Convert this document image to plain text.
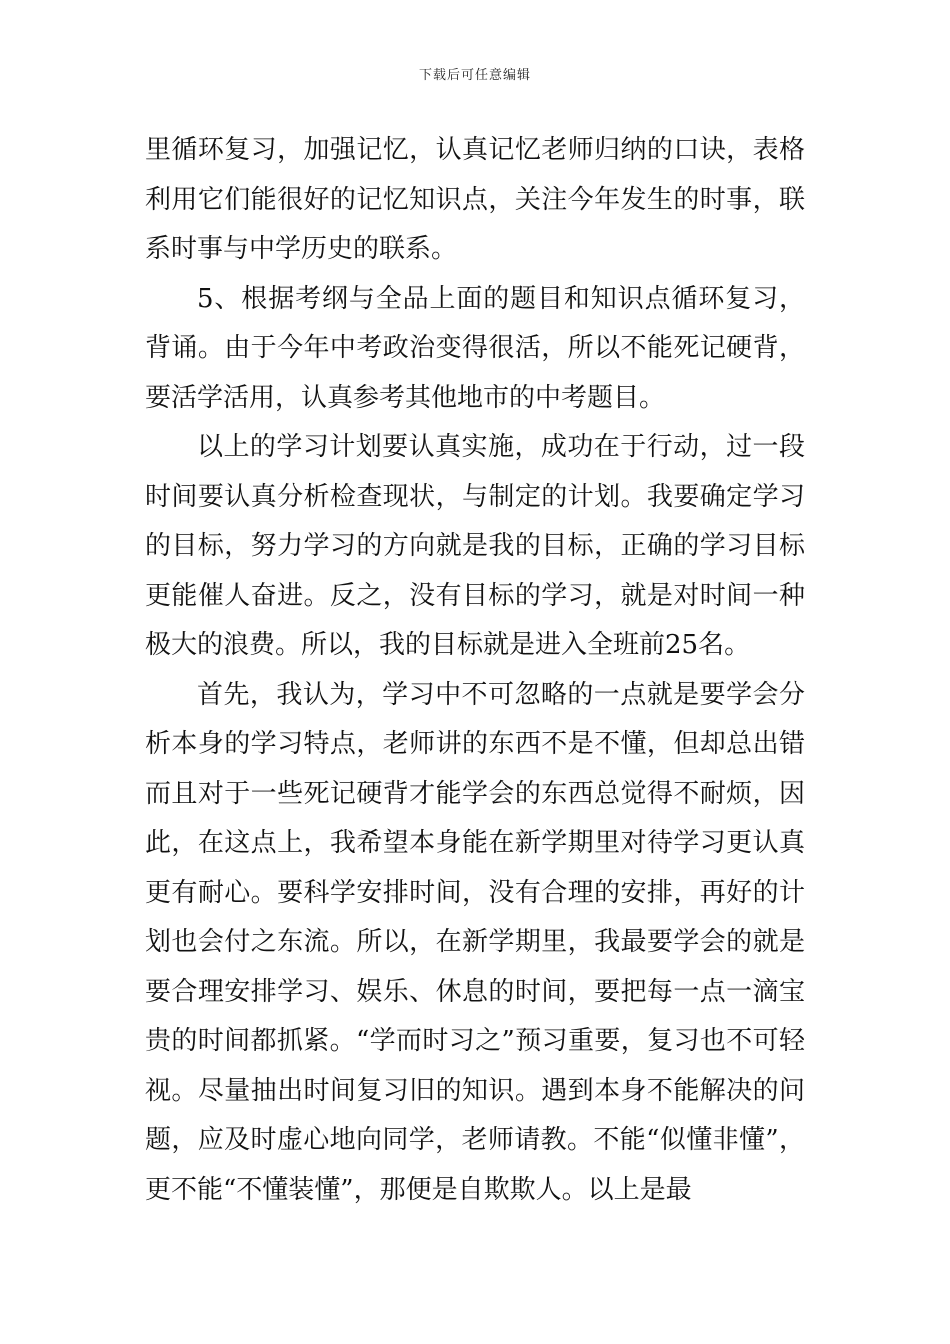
下载后可任意编辑

里循环复习，加强记忆，认真记忆老师归纳的口诀，表格利用它们能很好的记忆知识点，关注今年发生的时事，联系时事与中学历史的联系。

5、根据考纲与全品上面的题目和知识点循环复习，背诵。由于今年中考政治变得很活，所以不能死记硬背，要活学活用，认真参考其他地市的中考题目。

以上的学习计划要认真实施，成功在于行动，过一段时间要认真分析检查现状，与制定的计划。我要确定学习的目标，努力学习的方向就是我的目标，正确的学习目标更能催人奋进。反之，没有目标的学习，就是对时间一种极大的浪费。所以，我的目标就是进入全班前25名。

首先，我认为，学习中不可忽略的一点就是要学会分析本身的学习特点，老师讲的东西不是不懂，但却总出错而且对于一些死记硬背才能学会的东西总觉得不耐烦，因此，在这点上，我希望本身能在新学期里对待学习更认真更有耐心。要科学安排时间，没有合理的安排，再好的计划也会付之东流。所以，在新学期里，我最要学会的就是要合理安排学习、娱乐、休息的时间，要把每一点一滴宝贵的时间都抓紧。“学而时习之”预习重要，复习也不可轻视。尽量抽出时间复习旧的知识。遇到本身不能解决的问题，应及时虚心地向同学，老师请教。不能“似懂非懂”，更不能“不懂装懂”，那便是自欺欺人。以上是最
